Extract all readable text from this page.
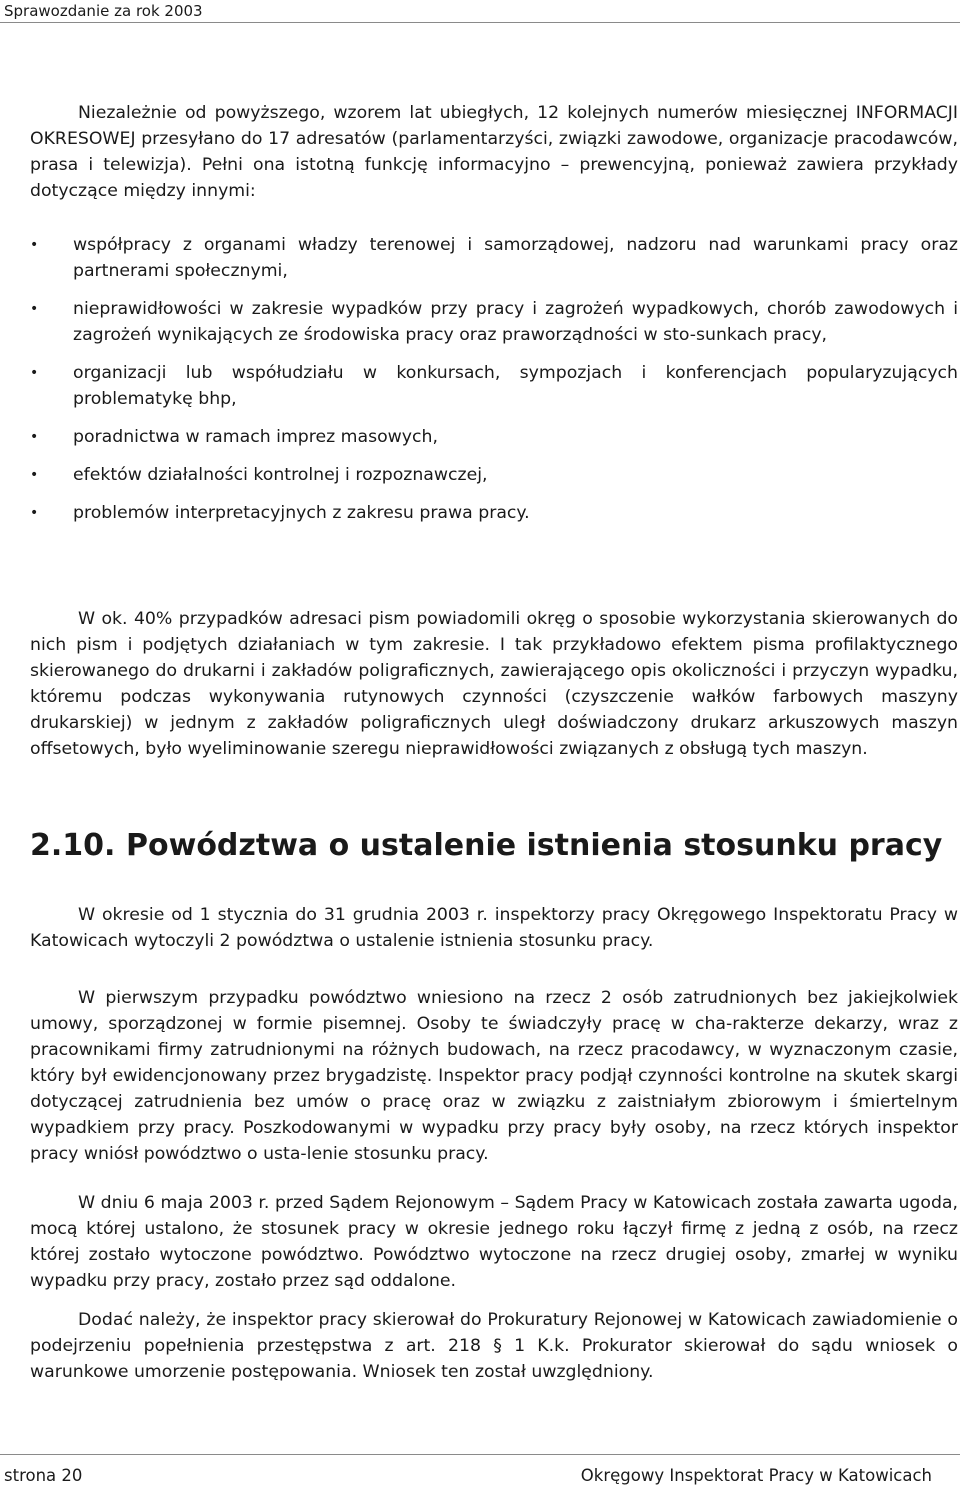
Sprawozdanie za rok 2003

Niezależnie od powyższego, wzorem lat ubiegłych, 12 kolejnych numerów miesięcznej INFORMACJI OKRESOWEJ przesyłano do 17 adresatów (parlamentarzyści, związki zawodowe, organizacje pracodawców, prasa i telewizja). Pełni ona istotną funkcję informacyjno – prewencyjną, ponieważ zawiera przykłady dotyczące między innymi:

• współpracy z organami władzy terenowej i samorządowej, nadzoru nad warunkami pracy oraz partnerami społecznymi,
• nieprawidłowości w zakresie wypadków przy pracy i zagrożeń wypadkowych, chorób zawodowych i zagrożeń wynikających ze środowiska pracy oraz praworządności w sto-sunkach pracy,
• organizacji lub współudziału w konkursach, sympozjach i konferencjach popularyzujących problematykę bhp,
• poradnictwa w ramach imprez masowych,
• efektów działalności kontrolnej i rozpoznawczej,
• problemów interpretacyjnych z zakresu prawa pracy.

W ok. 40% przypadków adresaci pism powiadomili okręg o sposobie wykorzystania skierowanych do nich pism i podjętych działaniach w tym zakresie. I tak przykładowo efektem pisma profilaktycznego skierowanego do drukarni i zakładów poligraficznych, zawierającego opis okoliczności i przyczyn wypadku, któremu podczas wykonywania rutynowych czynności (czyszczenie wałków farbowych maszyny drukarskiej) w jednym z zakładów poligraficznych uległ doświadczony drukarz arkuszowych maszyn offsetowych, było wyeliminowanie szeregu nieprawidłowości związanych z obsługą tych maszyn.

W okresie od 1 stycznia do 31 grudnia 2003 r. inspektorzy pracy Okręgowego Inspektoratu Pracy w Katowicach wytoczyli 2 powództwa o ustalenie istnienia stosunku pracy.

W pierwszym przypadku powództwo wniesiono na rzecz 2 osób zatrudnionych bez jakiejkolwiek umowy, sporządzonej w formie pisemnej. Osoby te świadczyły pracę w cha-rakterze dekarzy, wraz z pracownikami firmy zatrudnionymi na różnych budowach, na rzecz pracodawcy, w wyznaczonym czasie, który był ewidencjonowany przez brygadzistę. Inspektor pracy podjął czynności kontrolne na skutek skargi dotyczącej zatrudnienia bez umów o pracę oraz w związku z zaistniałym zbiorowym i śmiertelnym wypadkiem przy pracy. Poszkodowanymi w wypadku przy pracy były osoby, na rzecz których inspektor pracy wniósł powództwo o usta-lenie stosunku pracy.

W dniu 6 maja 2003 r. przed Sądem Rejonowym – Sądem Pracy w Katowicach została zawarta ugoda, mocą której ustalono, że stosunek pracy w okresie jednego roku łączył firmę z jedną z osób, na rzecz której zostało wytoczone powództwo. Powództwo wytoczone na rzecz drugiej osoby, zmarłej w wyniku wypadku przy pracy, zostało przez sąd oddalone.

Dodać należy, że inspektor pracy skierował do Prokuratury Rejonowej w Katowicach zawiadomienie o podejrzeniu popełnienia przestępstwa z art. 218 § 1 K.k. Prokurator skierował do sądu wniosek o warunkowe umorzenie postępowania. Wniosek ten został uwzględniony.

2.10. Powództwa o ustalenie istnienia stosunku pracy
strona 20	Okręgowy Inspektorat Pracy w Katowicach
